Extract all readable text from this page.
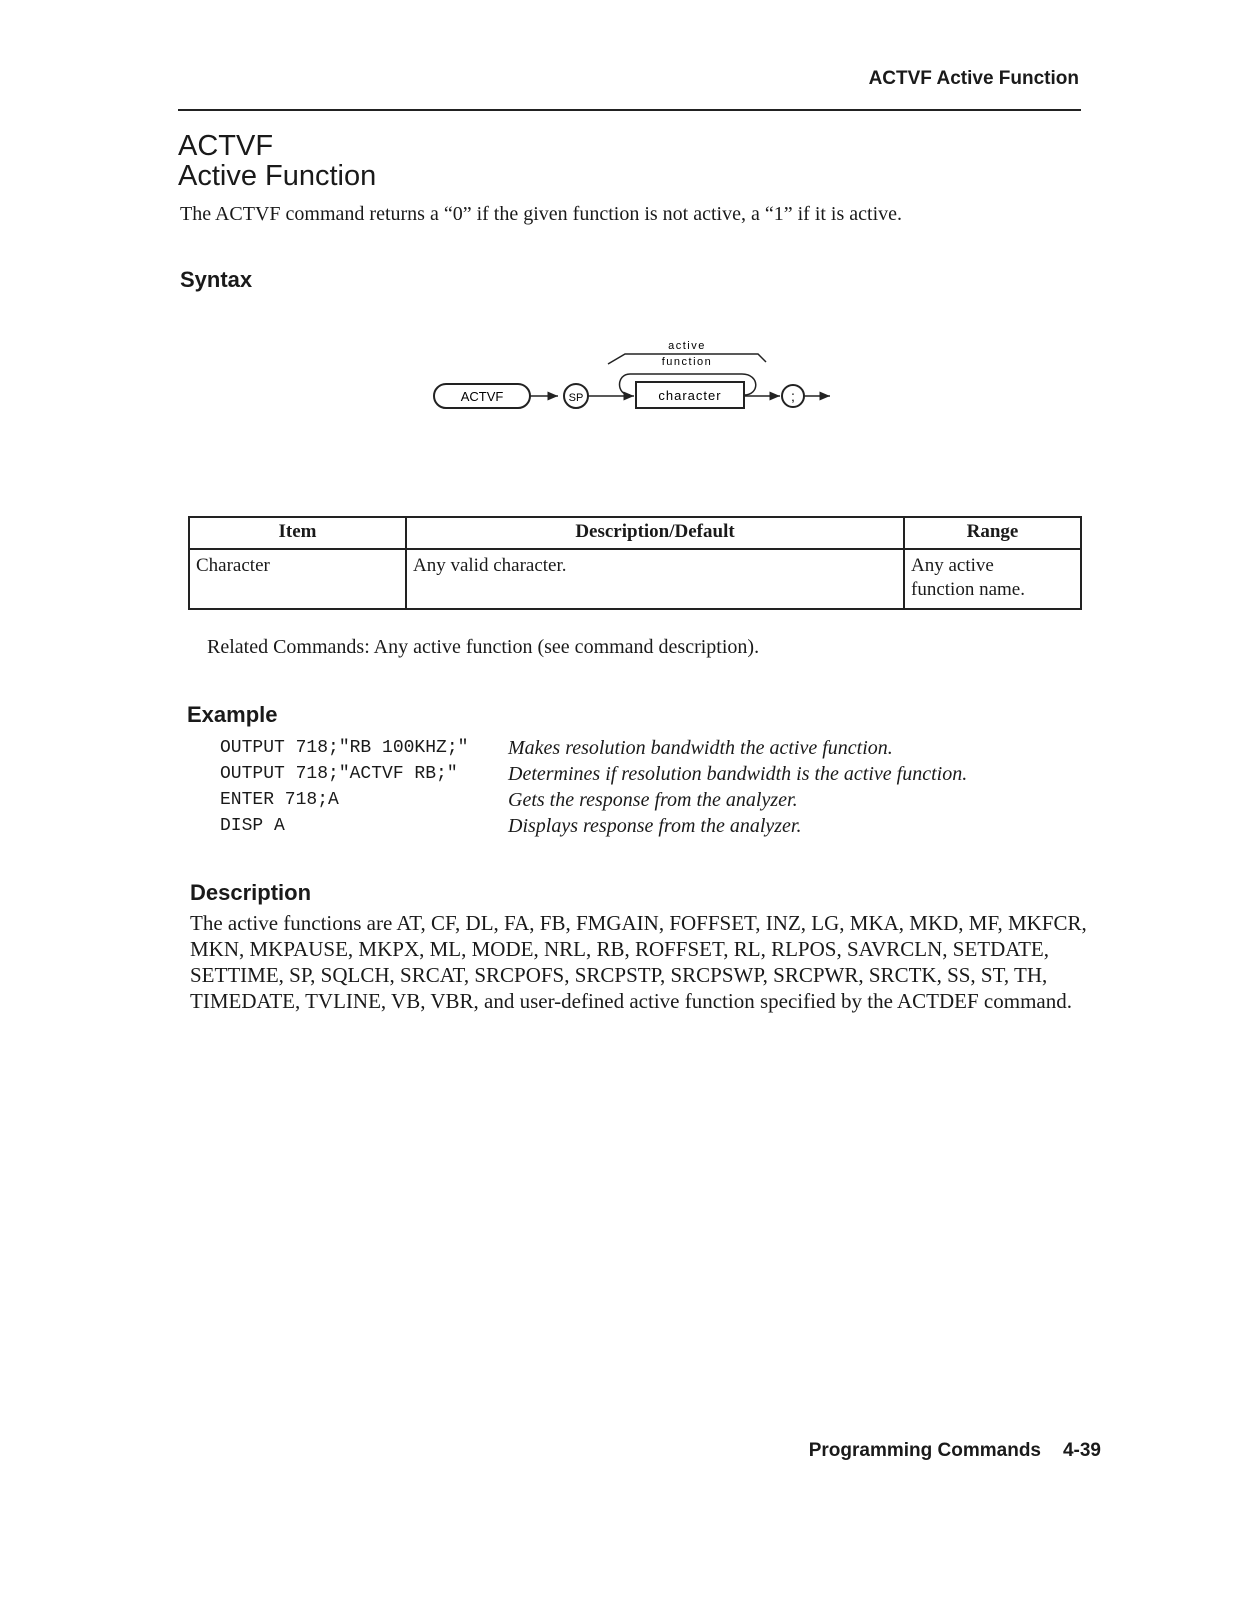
ACTVF Active Function
ACTVF
Active Function
The ACTVF command returns a “0” if the given function is not active, a “1” if it is active.
Syntax
ACTVF	SP	character
active
function
;
Item	Description/Default	Range
Character	Any valid character.	Any active
function name.
Related Commands: Any active function (see command description).
Example
OUTPUT 718;"RB 100KHZ;"	Makes resolution bandwidth the active function.
OUTPUT 718;"ACTVF RB;"	Determines if resolution bandwidth is the active function.
ENTER 718;A	Gets the response from the analyzer.
DISP A	Displays response from the analyzer.
Description
The active functions are AT, CF, DL, FA, FB, FMGAIN, FOFFSET, INZ, LG, MKA, MKD, MF, MKFCR, MKN, MKPAUSE, MKPX, ML, MODE, NRL, RB, ROFFSET, RL, RLPOS, SAVRCLN, SETDATE, SETTIME, SP, SQLCH, SRCAT, SRCPOFS, SRCPSTP, SRCPSWP, SRCPWR, SRCTK, SS, ST, TH, TIMEDATE, TVLINE, VB, VBR, and user-defined active function specified by the ACTDEF command.
Programming Commands 4-39
